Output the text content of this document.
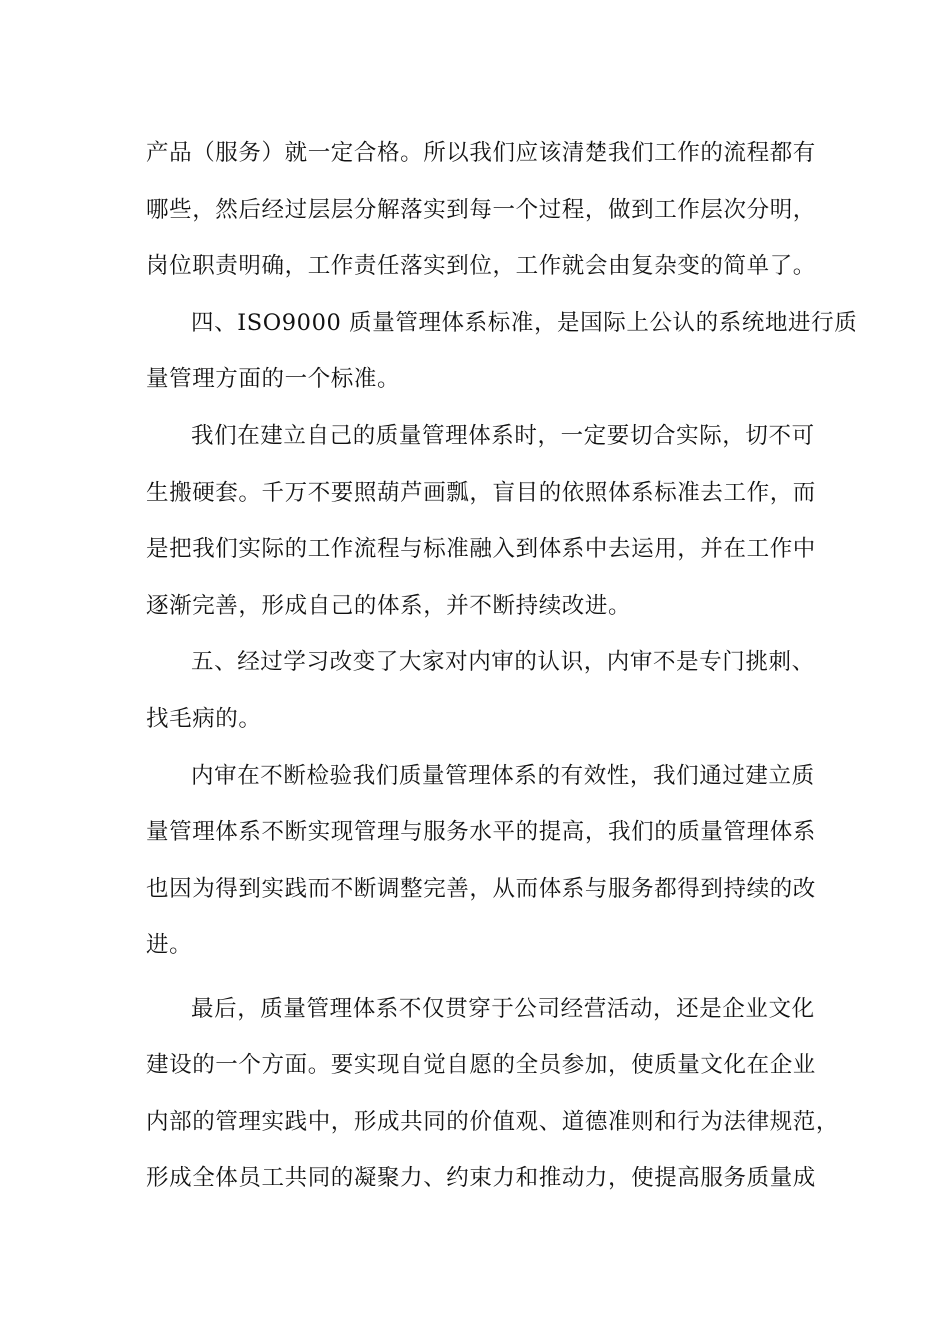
产品（服务）就一定合格。所以我们应该清楚我们工作的流程都有
哪些，然后经过层层分解落实到每一个过程，做到工作层次分明，
岗位职责明确，工作责任落实到位，工作就会由复杂变的简单了。
四、ISO9000 质量管理体系标准，是国际上公认的系统地进行质
量管理方面的一个标准。
我们在建立自己的质量管理体系时，一定要切合实际，切不可
生搬硬套。千万不要照葫芦画瓢，盲目的依照体系标准去工作，而
是把我们实际的工作流程与标准融入到体系中去运用，并在工作中
逐渐完善，形成自己的体系，并不断持续改进。
五、经过学习改变了大家对内审的认识，内审不是专门挑刺、
找毛病的。
内审在不断检验我们质量管理体系的有效性，我们通过建立质
量管理体系不断实现管理与服务水平的提高，我们的质量管理体系
也因为得到实践而不断调整完善，从而体系与服务都得到持续的改
进。
最后，质量管理体系不仅贯穿于公司经营活动，还是企业文化
建设的一个方面。要实现自觉自愿的全员参加，使质量文化在企业
内部的管理实践中，形成共同的价值观、道德准则和行为法律规范，
形成全体员工共同的凝聚力、约束力和推动力，使提高服务质量成
